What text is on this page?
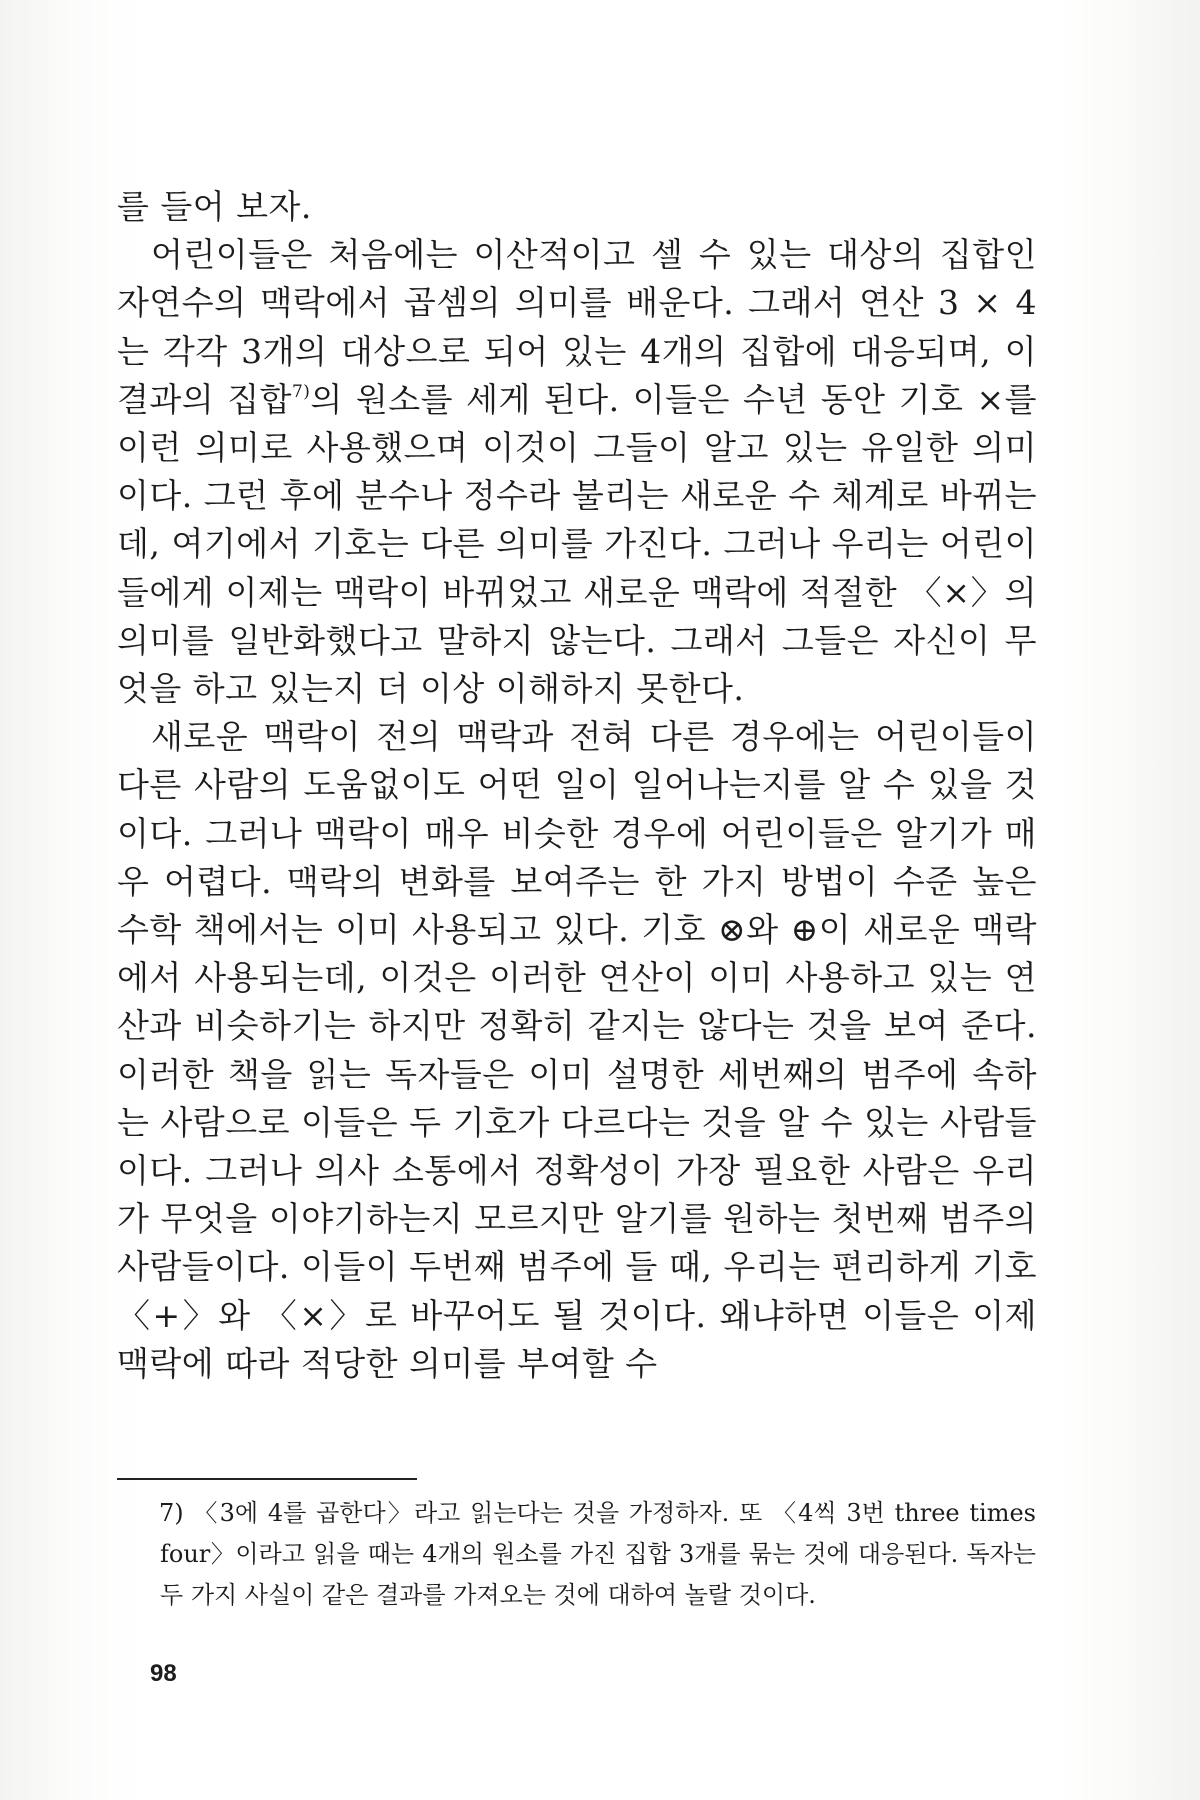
를 들어 보자.

어린이들은 처음에는 이산적이고 셀 수 있는 대상의 집합인 자연수의 맥락에서 곱셈의 의미를 배운다. 그래서 연산 3 × 4 는 각각 3개의 대상으로 되어 있는 4개의 집합에 대응되며, 이 결과의 집합$^{7)}$의 원소를 세게 된다. 이들은 수년 동안 기호 ×를 이런 의미로 사용했으며 이것이 그들이 알고 있는 유일한 의미이다. 그런 후에 분수나 정수라 불리는 새로운 수 체계로 바뀌는데, 여기에서 기호는 다른 의미를 가진다. 그러나 우리는 어린이들에게 이제는 맥락이 바뀌었고 새로운 맥락에 적절한 〈×〉의 의미를 일반화했다고 말하지 않는다. 그래서 그들은 자신이 무엇을 하고 있는지 더 이상 이해하지 못한다.

새로운 맥락이 전의 맥락과 전혀 다른 경우에는 어린이들이 다른 사람의 도움없이도 어떤 일이 일어나는지를 알 수 있을 것이다. 그러나 맥락이 매우 비슷한 경우에 어린이들은 알기가 매우 어렵다. 맥락의 변화를 보여주는 한 가지 방법이 수준 높은 수학 책에서는 이미 사용되고 있다. 기호 ⊗와 ⊕이 새로운 맥락에서 사용되는데, 이것은 이러한 연산이 이미 사용하고 있는 연산과 비슷하기는 하지만 정확히 같지는 않다는 것을 보여 준다. 이러한 책을 읽는 독자들은 이미 설명한 세번째의 범주에 속하는 사람으로 이들은 두 기호가 다르다는 것을 알 수 있는 사람들이다. 그러나 의사 소통에서 정확성이 가장 필요한 사람은 우리가 무엇을 이야기하는지 모르지만 알기를 원하는 첫번째 범주의 사람들이다. 이들이 두번째 범주에 들 때, 우리는 편리하게 기호〈+〉와 〈×〉로 바꾸어도 될 것이다. 왜냐하면 이들은 이제 맥락에 따라 적당한 의미를 부여할 수

7) 〈3에 4를 곱한다〉라고 읽는다는 것을 가정하자. 또 〈4씩 3번 three times four〉이라고 읽을 때는 4개의 원소를 가진 집합 3개를 묶는 것에 대응된다. 독자는 두 가지 사실이 같은 결과를 가져오는 것에 대하여 놀랄 것이다.
98
